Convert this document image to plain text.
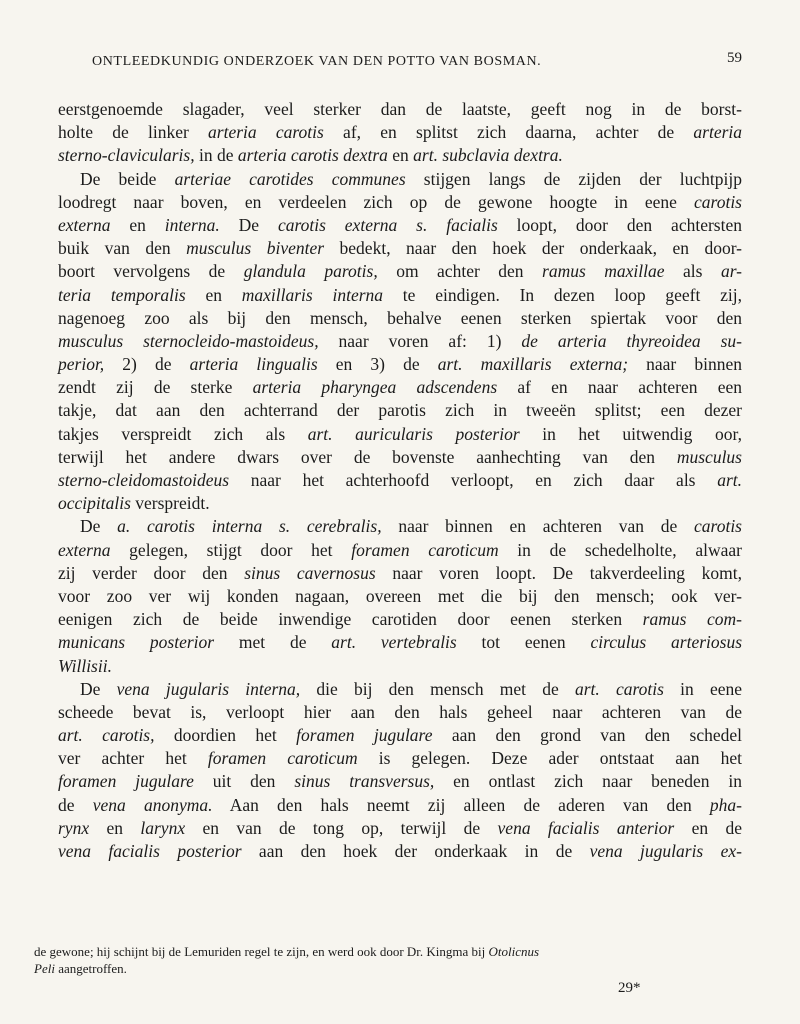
ONTLEEDKUNDIG ONDERZOEK VAN DEN POTTO VAN BOSMAN.	59
eerstgenoemde slagader, veel sterker dan de laatste, geeft nog in de borst-
holte de linker arteria carotis af, en splitst zich daarna, achter de arteria
sterno-clavicularis, in de arteria carotis dextra en art. subclavia dextra.
De beide arteriae carotides communes stijgen langs de zijden der luchtpijp
loodregt naar boven, en verdeelen zich op de gewone hoogte in eene carotis
externa en interna. De carotis externa s. facialis loopt, door den achtersten
buik van den musculus biventer bedekt, naar den hoek der onderkaak, en door-
boort vervolgens de glandula parotis, om achter den ramus maxillae als ar-
teria temporalis en maxillaris interna te eindigen. In dezen loop geeft zij,
nagenoeg zoo als bij den mensch, behalve eenen sterken spiertak voor den
musculus sternocleido-mastoideus, naar voren af: 1) de arteria thyreoidea su-
perior, 2) de arteria lingualis en 3) de art. maxillaris externa; naar binnen
zendt zij de sterke arteria pharyngea adscendens af en naar achteren een
takje, dat aan den achterrand der parotis zich in tweeën splitst; een dezer
takjes verspreidt zich als art. auricularis posterior in het uitwendig oor,
terwijl het andere dwars over de bovenste aanhechting van den musculus
sterno-cleidomastoideus naar het achterhoofd verloopt, en zich daar als art.
occipitalis verspreidt.
De a. carotis interna s. cerebralis, naar binnen en achteren van de carotis
externa gelegen, stijgt door het foramen caroticum in de schedelholte, alwaar
zij verder door den sinus cavernosus naar voren loopt. De takverdeeling komt,
voor zoo ver wij konden nagaan, overeen met die bij den mensch; ook ver-
eenigen zich de beide inwendige carotiden door eenen sterken ramus com-
municans posterior met de art. vertebralis tot eenen circulus arteriosus
Willisii.
De vena jugularis interna, die bij den mensch met de art. carotis in eene
scheede bevat is, verloopt hier aan den hals geheel naar achteren van de
art. carotis, doordien het foramen jugulare aan den grond van den schedel
ver achter het foramen caroticum is gelegen. Deze ader ontstaat aan het
foramen jugulare uit den sinus transversus, en ontlast zich naar beneden in
de vena anonyma. Aan den hals neemt zij alleen de aderen van den pha-
rynx en larynx en van de tong op, terwijl de vena facialis anterior en de
vena facialis posterior aan den hoek der onderkaak in de vena jugularis ex-
de gewone; hij schijnt bij de Lemuriden regel te zijn, en werd ook door Dr. Kingma bij Otolicnus
Peli aangetroffen.
29*
